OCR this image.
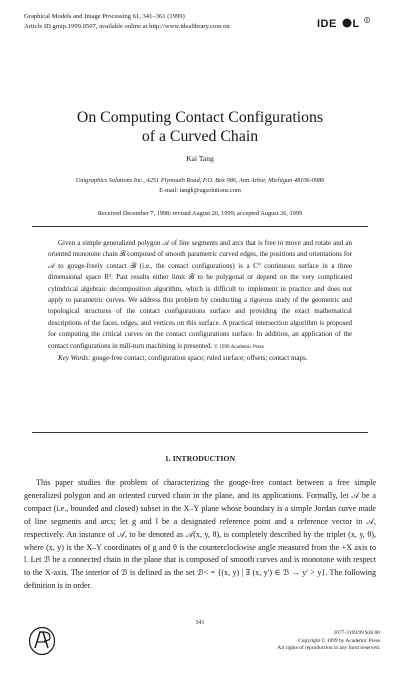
Graphical Models and Image Processing 61, 341–361 (1999)
Article ID gmip.1999.0507, available online at http://www.idealibrary.com on	IDE L R
On Computing Contact Configurations
of a Curved Chain
Kai Tang
Unigraphics Solutions Inc., 4251 Plymouth Road, P.O. Box 986, Ann Arbor, Michigan 48106-0986
E-mail: tangk@ugsolutions.com
Received December 7, 1998; revised August 26, 1999; accepted August 26, 1999

Given a simple generalized polygon 𝒜 of line segments and arcs that is free to move and rotate and an oriented monotone chain ℬ composed of smooth parametric curved edges, the positions and orientations for 𝒜 to gouge-freely contact ℬ (i.e., the contact configurations) is a C⁰ continuous surface in a three dimensional space R³. Past results either limit ℬ to be polygonal or depend on the very complicated cylindrical algebraic decomposition algorithm, which is difficult to implement in practice and does not apply to parametric curves. We address this problem by conducting a rigorous study of the geometric and topological structures of the contact configurations surface and providing the exact mathematical descriptions of the faces, edges, and vertices on this surface. A practical intersection algorithm is proposed for computing the critical curves on the contact configurations surface. In addition, an application of the contact configurations in mill-turn machining is presented. © 1999 Academic Press

Key Words: gouge-free contact; configuration space; ruled surface; offsets; contact maps.

1. INTRODUCTION

This paper studies the problem of characterizing the gouge-free contact between a free simple generalized polygon and an oriented curved chain in the plane, and its applications. Formally, let 𝒜 be a compact (i.e., bounded and closed) subset in the X–Y plane whose boundary is a simple Jordan curve made of line segments and arcs; let g and l be a designated reference point and a reference vector in 𝒜, respectively. An instance of 𝒜, to be denoted as 𝒜(x, y, θ), is completely described by the triplet (x, y, θ), where (x, y) is the X–Y coordinates of g and θ is the counterclockwise angle measured from the +X axis to l. Let ℬ be a connected chain in the plane that is composed of smooth curves and is monotone with respect to the X-axis. The interior of ℬ is defined as the set ℬ< = {(x, y) | ∃ (x, y′) ∈ ℬ → y′ > y}. The following definition is in order.

341
1077-3169/99 $30.00
Copyright © 1999 by Academic Press
All rights of reproduction in any form reserved.
